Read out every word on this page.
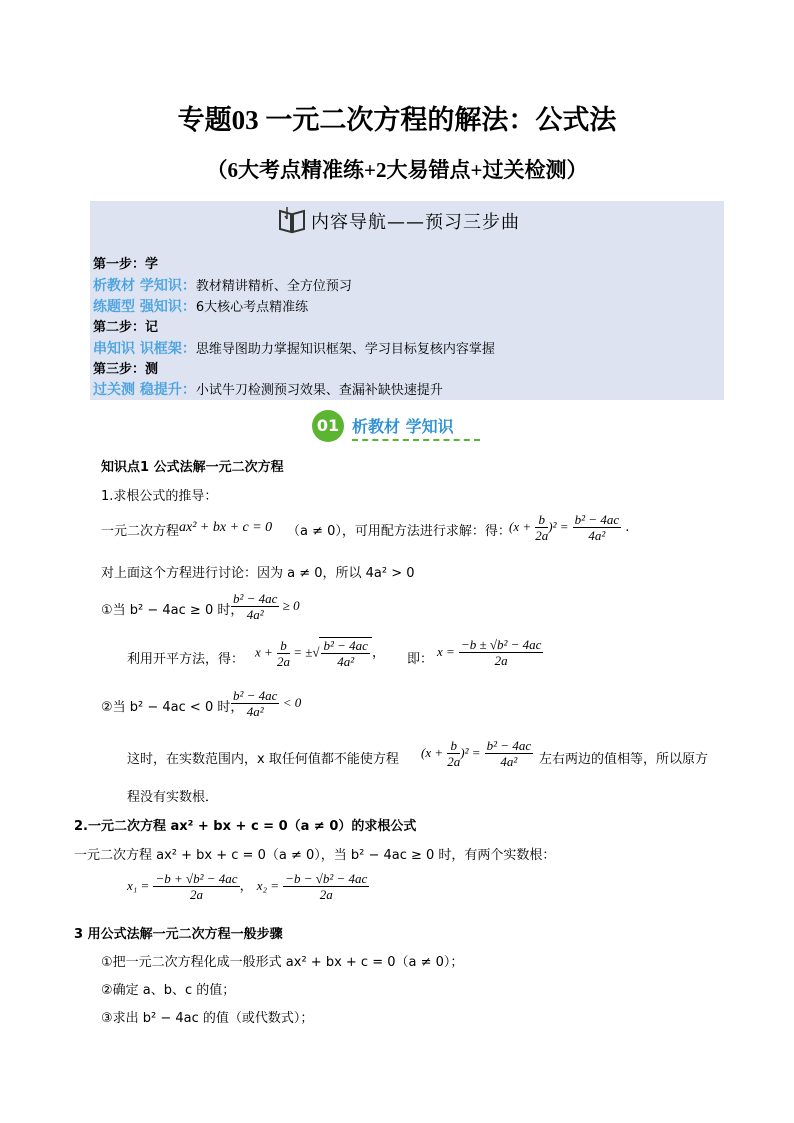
专题03 一元二次方程的解法：公式法
（6大考点精准练+2大易错点+过关检测）
内容导航——预习三步曲
第一步：学
析教材 学知识：教材精讲精析、全方位预习
练题型 强知识：6大核心考点精准练
第二步：记
串知识 识框架：思维导图助力掌握知识框架、学习目标复核内容掌握
第三步：测
过关测 稳提升：小试牛刀检测预习效果、查漏补缺快速提升
01 析教材 学知识
知识点1 公式法解一元二次方程
1.求根公式的推导：
一元二次方程 ax² + bx + c = 0 （a ≠ 0），可用配方法进行求解：得：
$(x + \frac{b}{2a} )^2 = \frac{\text{b² − 4ac}}{\text{4a²}}$ .
对上面这个方程进行讨论：因为 a ≠ 0，所以 4a² > 0
①当 b² − 4ac ≥ 0 时，
$\frac{\text{b² − 4ac}}{\text{4a²}} \ge 0$
利用开平方法，得： $x + \frac{b}{2a}$ = ±√ $\frac{\text{b² − 4ac}}{\text{4a²}}$ ， 即：
$x = \frac{\text{−b ± √b² − 4ac}}{2a}$
②当 b² − 4ac < 0 时，
$\frac{\text{b² − 4ac}}{\text{4a²}} < 0$
这时，在实数范围内，x 取任何值都不能使方程 $(x + \frac{b}{2a} )^2 = \frac{\text{b² − 4ac}}{\text{4a²}}$ 左右两边的值相等，所以原方
程没有实数根．
2.一元二次方程 ax² + bx + c = 0（a ≠ 0）的求根公式
一元二次方程 ax² + bx + c = 0（a ≠ 0），当 b² − 4ac ≥ 0 时，有两个实数根：
$x_1 = \frac{\text{−b + √b² − 4ac}}{2a}$ ， $x_2 = \frac{\text{−b − √b² − 4ac}}{2a}$
3 用公式法解一元二次方程一般步骤
①把一元二次方程化成一般形式 ax² + bx + c = 0（a ≠ 0）；
②确定 a、b、c 的值；
③求出 b² − 4ac 的值（或代数式）；
